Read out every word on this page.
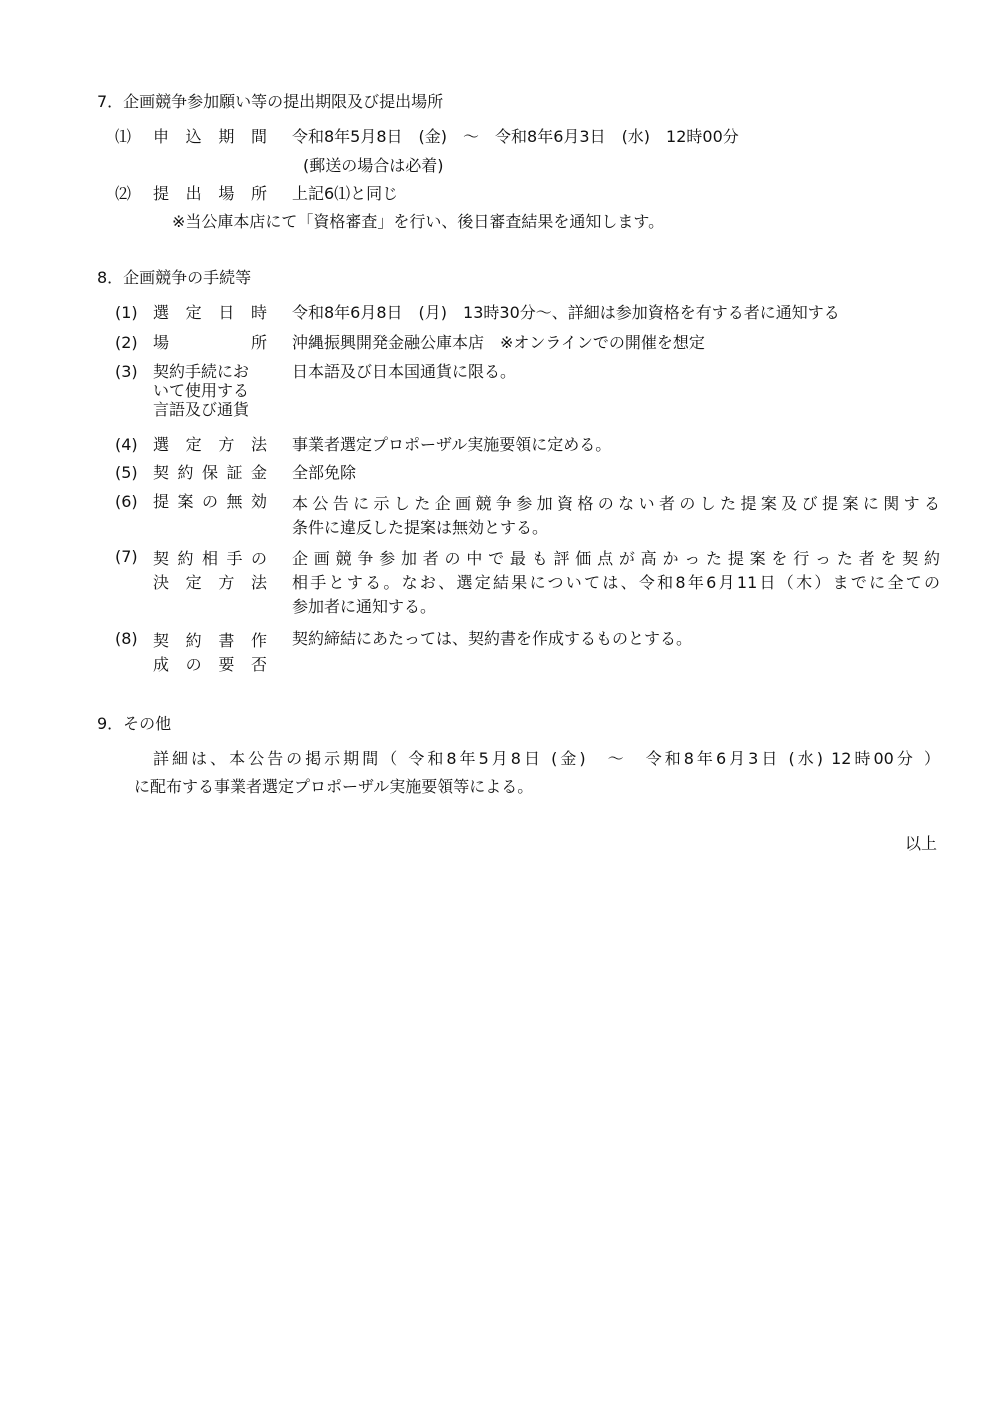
7．企画競争参加願い等の提出期限及び提出場所
⑴	申込期間 令和8年5月8日　(金)　～　令和8年6月3日　(水)　12時00分
(郵送の場合は必着)
⑵	提出場所 上記6⑴と同じ
※当公庫本店にて「資格審査」を行い、後日審査結果を通知します。
8．企画競争の手続等
(1) 選定日時 令和8年6月8日　(月)　13時30分～、詳細は参加資格を有する者に通知する
(2) 場所 沖縄振興開発金融公庫本店　※オンラインでの開催を想定
(3) 契約手続にお
いて使用する
言語及び通貨
日本語及び日本国通貨に限る。
(4) 選定方法 事業者選定プロポーザル実施要領に定める。
(5) 契約保証金 全部免除
(6) 提案の無効 本公告に示した企画競争参加資格のない者のした提案及び提案に関する
条件に違反した提案は無効とする。
(7) 契約相手の
決定方法
企画競争参加者の中で最も評価点が高かった提案を行った者を契約
相手とする。なお、選定結果については、令和8年6月11日（木）までに全ての
参加者に通知する。
(8) 契約書作
成の要否
契約締結にあたっては、契約書を作成するものとする。
9．その他
詳細は、本公告の掲示期間（ 令和8年5月8日 (金)　～　令和8年6月3日 (水) 12時00分 ）
に配布する事業者選定プロポーザル実施要領等による。
以上
